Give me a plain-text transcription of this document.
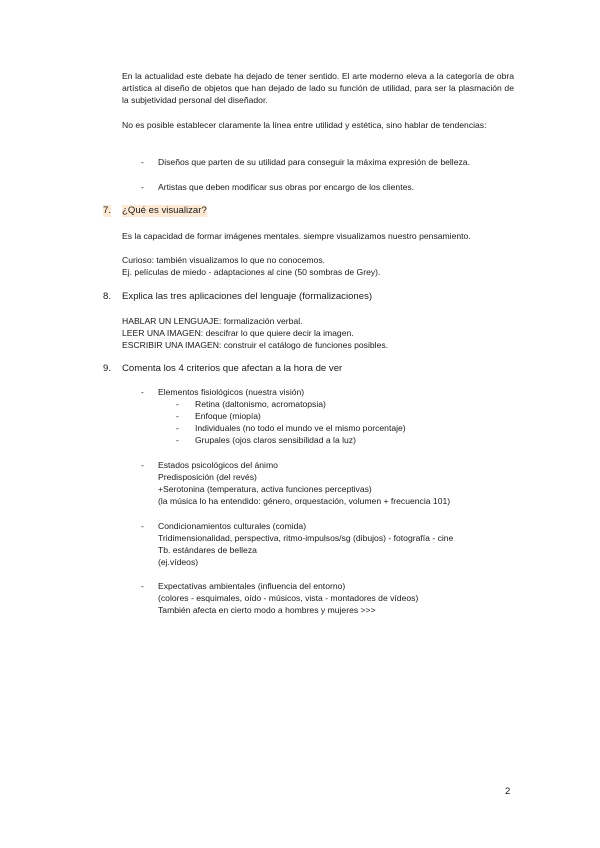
En la actualidad este debate ha dejado de tener sentido. El arte moderno eleva a la categoría de obra artística al diseño de objetos que han dejado de lado su función de utilidad, para ser la plasmación de la subjetividad personal del diseñador.

No es posible establecer claramente la línea entre utilidad y estética, sino hablar de tendencias:

- Diseños que parten de su utilidad para conseguir la máxima expresión de belleza.

- Artistas que deben modificar sus obras por encargo de los clientes.

7. ¿Qué es visualizar?

Es la capacidad de formar imágenes mentales. siempre visualizamos nuestro pensamiento.

Curioso: también visualizamos lo que no conocemos.

Ej. películas de miedo - adaptaciones al cine (50 sombras de Grey).

8. Explica las tres aplicaciones del lenguaje (formalizaciones)

HABLAR UN LENGUAJE: formalización verbal.

LEER UNA IMAGEN: descifrar lo que quiere decir la imagen.

ESCRIBIR UNA IMAGEN: construir el catálogo de funciones posibles.

9. Comenta los 4 criterios que afectan a la hora de ver
- Elementos fisiológicos (nuestra visión)
- Retina (daltonismo, acromatopsia)
- Enfoque (miopía)
- Individuales (no todo el mundo ve el mismo porcentaje)
- Grupales (ojos claros sensibilidad a la luz)
- Estados psicológicos del ánimo
Predisposición (del revés)
+Serotonina (temperatura, activa funciones perceptivas)
(la música lo ha entendido: género, orquestación, volumen + frecuencia 101)
- Condicionamientos culturales (comida)
Tridimensionalidad, perspectiva, ritmo-impulsos/sg (dibujos) - fotografía - cine
Tb. estándares de belleza
(ej.vídeos)
- Expectativas ambientales (influencia del entorno)
(colores - esquimales, oído - músicos, vista - montadores de vídeos)
También afecta en cierto modo a hombres y mujeres >>>
2
